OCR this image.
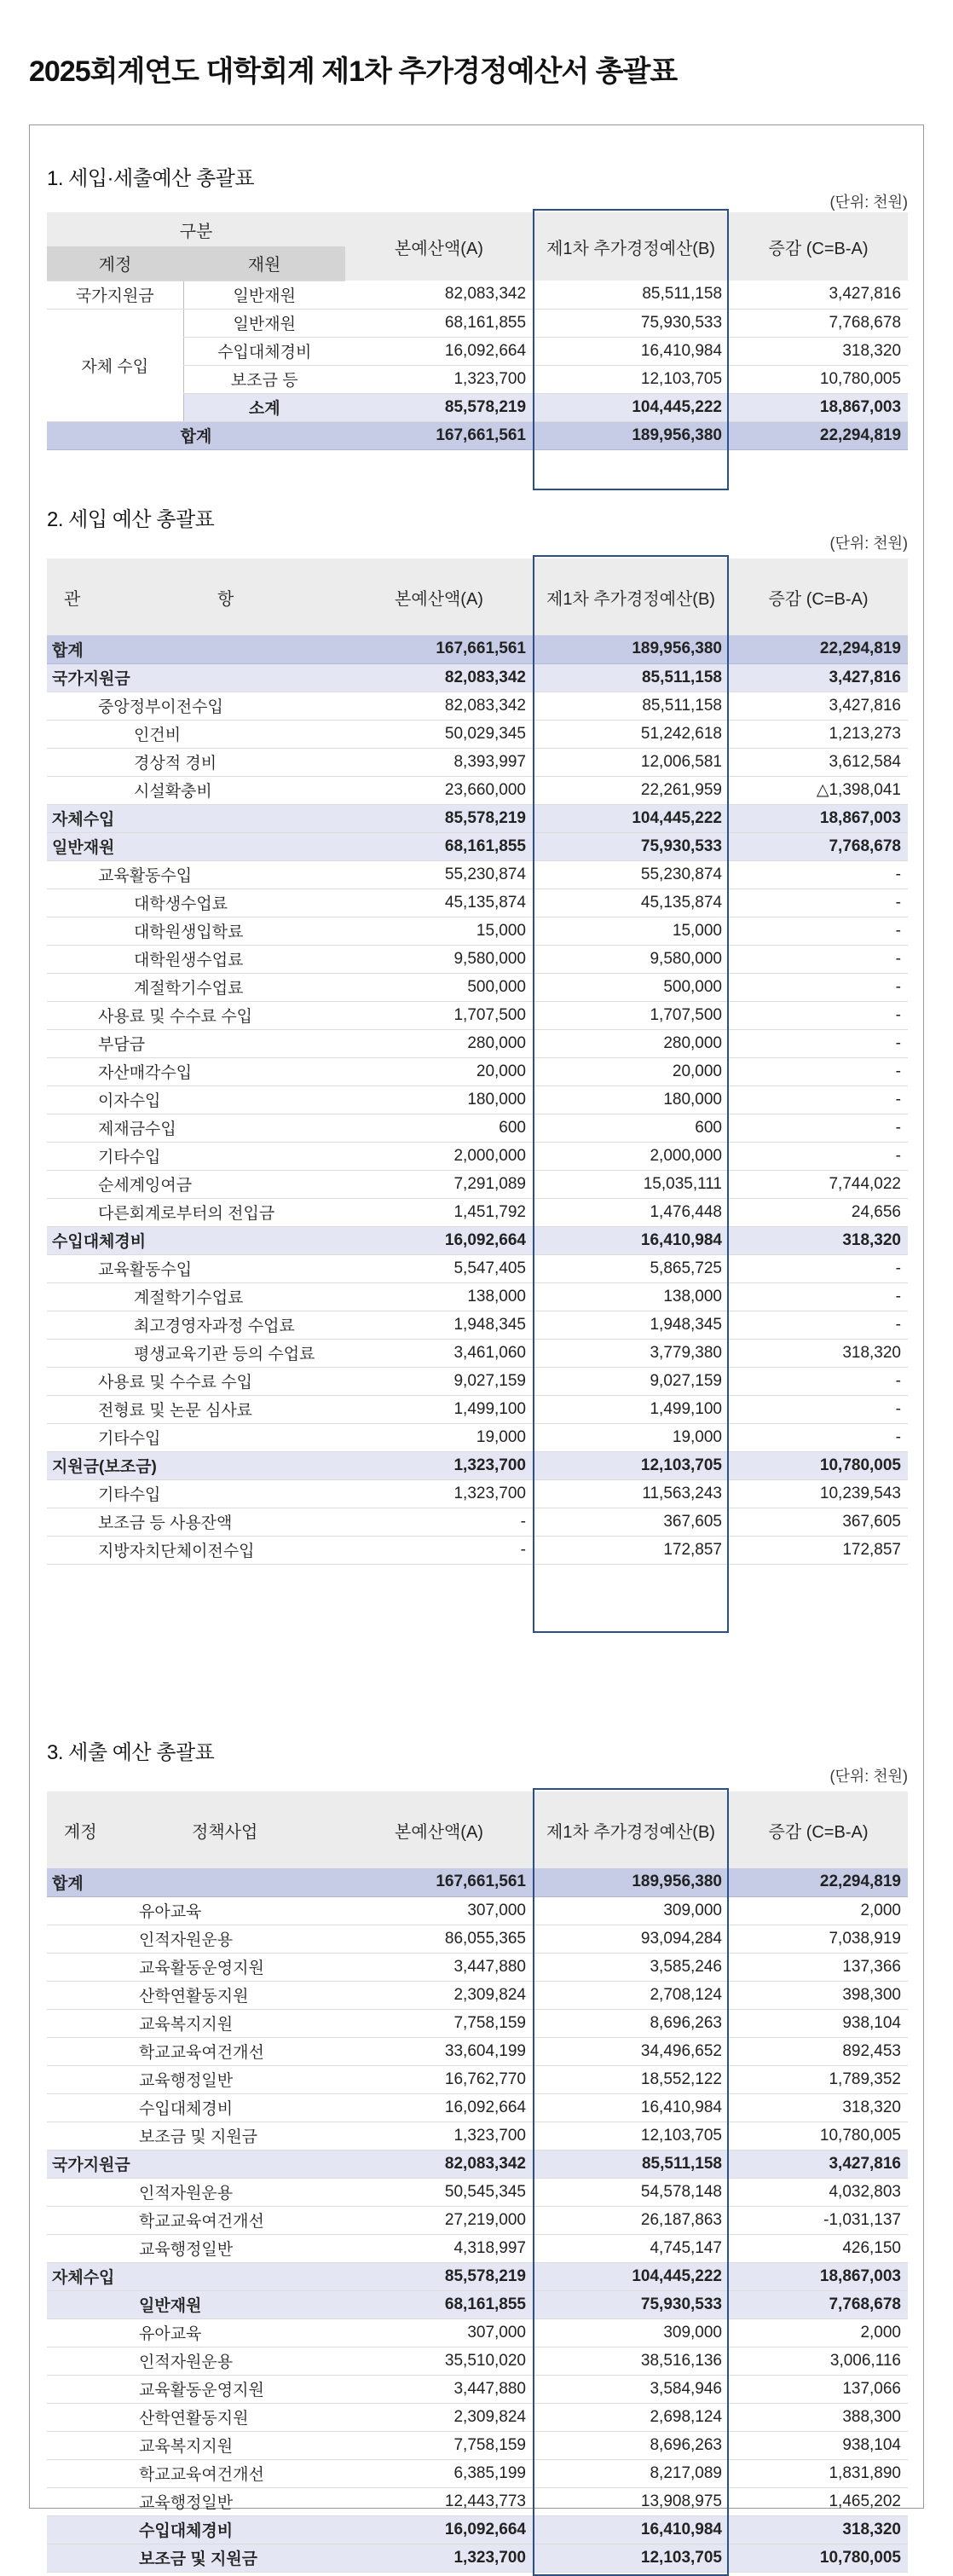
2025회계연도 대학회계 제1차 추가경정예산서 총괄표
1. 세입·세출예산 총괄표
(단위: 천원)
구분		본예산액(A)	제1차 추가경정예산(B)	증감 (C=B-A)
계정	재원			
국가지원금	일반재원	82,083,342	85,511,158	3,427,816
자체 수입	일반재원	68,161,855	75,930,533	7,768,678
	수입대체경비	16,092,664	16,410,984	318,320
	보조금 등	1,323,700	12,103,705	10,780,005
	소계	85,578,219	104,445,222	18,867,003
합계		167,661,561	189,956,380	22,294,819
2. 세입 예산 총괄표
(단위: 천원)
관	항	본예산액(A)	제1차 추가경정예산(B)	증감 (C=B-A)
합계		167,661,561	189,956,380	22,294,819
국가지원금		82,083,342	85,511,158	3,427,816
중앙정부이전수입		82,083,342	85,511,158	3,427,816
인건비		50,029,345	51,242,618	1,213,273
경상적 경비		8,393,997	12,006,581	3,612,584
시설확충비		23,660,000	22,261,959	△1,398,041
자체수입		85,578,219	104,445,222	18,867,003
일반재원		68,161,855	75,930,533	7,768,678
교육활동수입		55,230,874	55,230,874	-
대학생수업료		45,135,874	45,135,874	-
대학원생입학료		15,000	15,000	-
대학원생수업료		9,580,000	9,580,000	-
계절학기수업료		500,000	500,000	-
사용료 및 수수료 수입		1,707,500	1,707,500	-
부담금		280,000	280,000	-
자산매각수입		20,000	20,000	-
이자수입		180,000	180,000	-
제재금수입		600	600	-
기타수입		2,000,000	2,000,000	-
순세계잉여금		7,291,089	15,035,111	7,744,022
다른회계로부터의 전입금		1,451,792	1,476,448	24,656
수입대체경비		16,092,664	16,410,984	318,320
교육활동수입		5,547,405	5,865,725	-
계절학기수업료		138,000	138,000	-
최고경영자과정 수업료		1,948,345	1,948,345	-
평생교육기관 등의 수업료		3,461,060	3,779,380	318,320
사용료 및 수수료 수입		9,027,159	9,027,159	-
전형료 및 논문 심사료		1,499,100	1,499,100	-
기타수입		19,000	19,000	-
지원금(보조금)		1,323,700	12,103,705	10,780,005
기타수입		1,323,700	11,563,243	10,239,543
보조금 등 사용잔액		-	367,605	367,605
지방자치단체이전수입		-	172,857	172,857
3. 세출 예산 총괄표
(단위: 천원)
계정	정책사업	본예산액(A)	제1차 추가경정예산(B)	증감 (C=B-A)
합계		167,661,561	189,956,380	22,294,819
유아교육		307,000	309,000	2,000
인적자원운용		86,055,365	93,094,284	7,038,919
교육활동운영지원		3,447,880	3,585,246	137,366
산학연활동지원		2,309,824	2,708,124	398,300
교육복지지원		7,758,159	8,696,263	938,104
학교교육여건개선		33,604,199	34,496,652	892,453
교육행정일반		16,762,770	18,552,122	1,789,352
수입대체경비		16,092,664	16,410,984	318,320
보조금 및 지원금		1,323,700	12,103,705	10,780,005
국가지원금		82,083,342	85,511,158	3,427,816
인적자원운용		50,545,345	54,578,148	4,032,803
학교교육여건개선		27,219,000	26,187,863	-1,031,137
교육행정일반		4,318,997	4,745,147	426,150
자체수입		85,578,219	104,445,222	18,867,003
일반재원		68,161,855	75,930,533	7,768,678
유아교육		307,000	309,000	2,000
인적자원운용		35,510,020	38,516,136	3,006,116
교육활동운영지원		3,447,880	3,584,946	137,066
산학연활동지원		2,309,824	2,698,124	388,300
교육복지지원		7,758,159	8,696,263	938,104
학교교육여건개선		6,385,199	8,217,089	1,831,890
교육행정일반		12,443,773	13,908,975	1,465,202
수입대체경비		16,092,664	16,410,984	318,320
보조금 및 지원금		1,323,700	12,103,705	10,780,005
